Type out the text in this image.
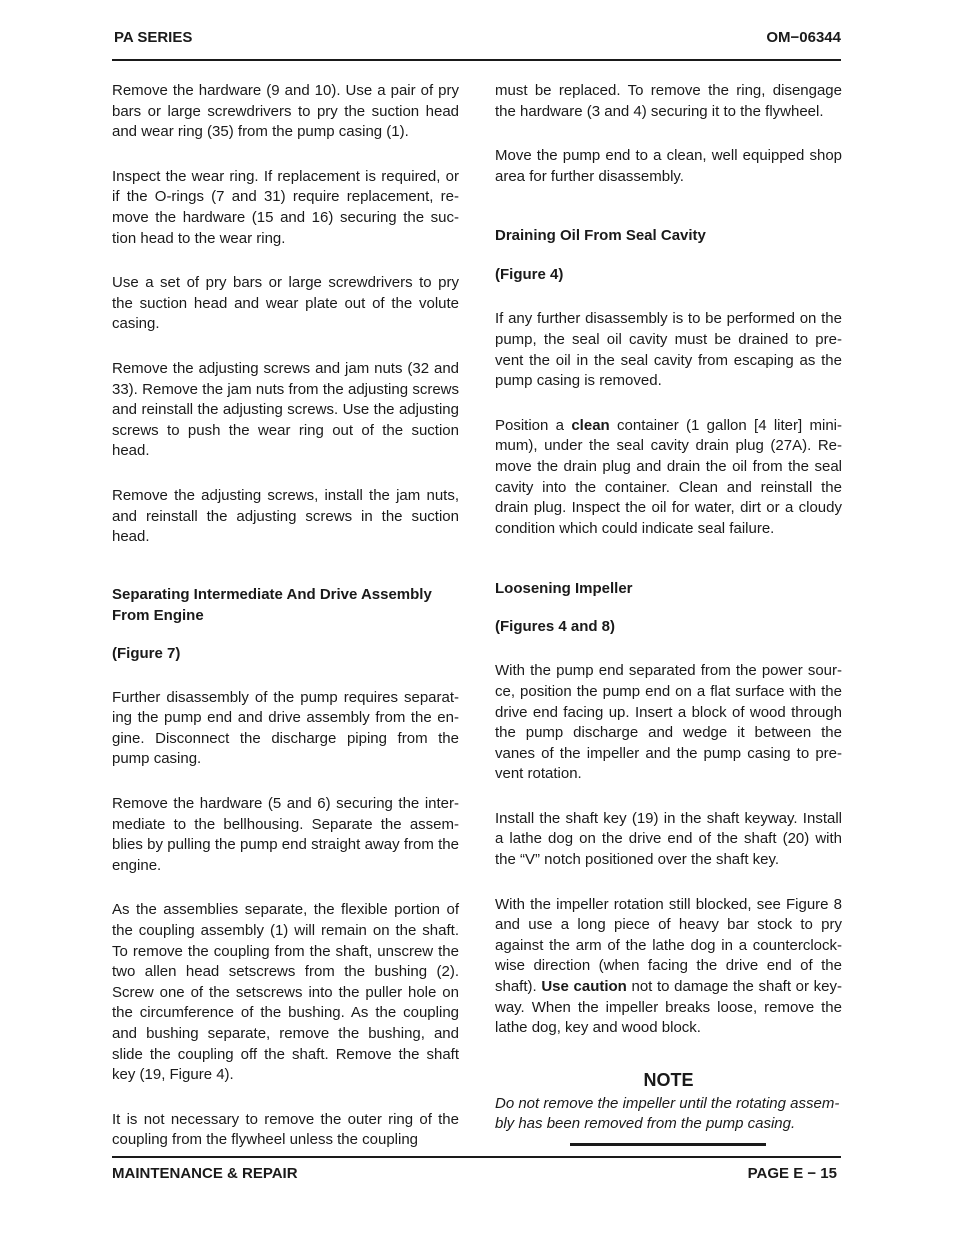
PA SERIES	OM−06344

Remove the hardware (9 and 10). Use a pair of pry bars or large screwdrivers to pry the suction head and wear ring (35) from the pump casing (1).

Inspect the wear ring. If replacement is required, or if the O-rings (7 and 31) require replacement, re-move the hardware (15 and 16) securing the suc-tion head to the wear ring.

Use a set of pry bars or large screwdrivers to pry the suction head and wear plate out of the volute casing.

Remove the adjusting screws and jam nuts (32 and 33). Remove the jam nuts from the adjusting screws and reinstall the adjusting screws. Use the adjusting screws to push the wear ring out of the suction head.

Remove the adjusting screws, install the jam nuts, and reinstall the adjusting screws in the suction head.

Separating Intermediate And Drive Assembly From Engine
(Figure 7)

Further disassembly of the pump requires separat-ing the pump end and drive assembly from the en-gine. Disconnect the discharge piping from the pump casing.

Remove the hardware (5 and 6) securing the inter-mediate to the bellhousing. Separate the assem-blies by pulling the pump end straight away from the engine.

As the assemblies separate, the flexible portion of the coupling assembly (1) will remain on the shaft. To remove the coupling from the shaft, unscrew the two allen head setscrews from the bushing (2). Screw one of the setscrews into the puller hole on the circumference of the bushing. As the coupling and bushing separate, remove the bushing, and slide the coupling off the shaft. Remove the shaft key (19, Figure 4).

It is not necessary to remove the outer ring of the coupling from the flywheel unless the coupling

must be replaced. To remove the ring, disengage the hardware (3 and 4) securing it to the flywheel.

Move the pump end to a clean, well equipped shop area for further disassembly.

Draining Oil From Seal Cavity
(Figure 4)

If any further disassembly is to be performed on the pump, the seal oil cavity must be drained to pre-vent the oil in the seal cavity from escaping as the pump casing is removed.

Position a clean container (1 gallon [4 liter] mini-mum), under the seal cavity drain plug (27A). Re-move the drain plug and drain the oil from the seal cavity into the container. Clean and reinstall the drain plug. Inspect the oil for water, dirt or a cloudy condition which could indicate seal failure.

Loosening Impeller
(Figures 4 and 8)

With the pump end separated from the power sour-ce, position the pump end on a flat surface with the drive end facing up. Insert a block of wood through the pump discharge and wedge it between the vanes of the impeller and the pump casing to pre-vent rotation.

Install the shaft key (19) in the shaft keyway. Install a lathe dog on the drive end of the shaft (20) with the “V” notch positioned over the shaft key.

With the impeller rotation still blocked, see Figure 8 and use a long piece of heavy bar stock to pry against the arm of the lathe dog in a counterclock-wise direction (when facing the drive end of the shaft). Use caution not to damage the shaft or key-way. When the impeller breaks loose, remove the lathe dog, key and wood block.

NOTE

Do not remove the impeller until the rotating assem-bly has been removed from the pump casing.

MAINTENANCE & REPAIR	PAGE E − 15
